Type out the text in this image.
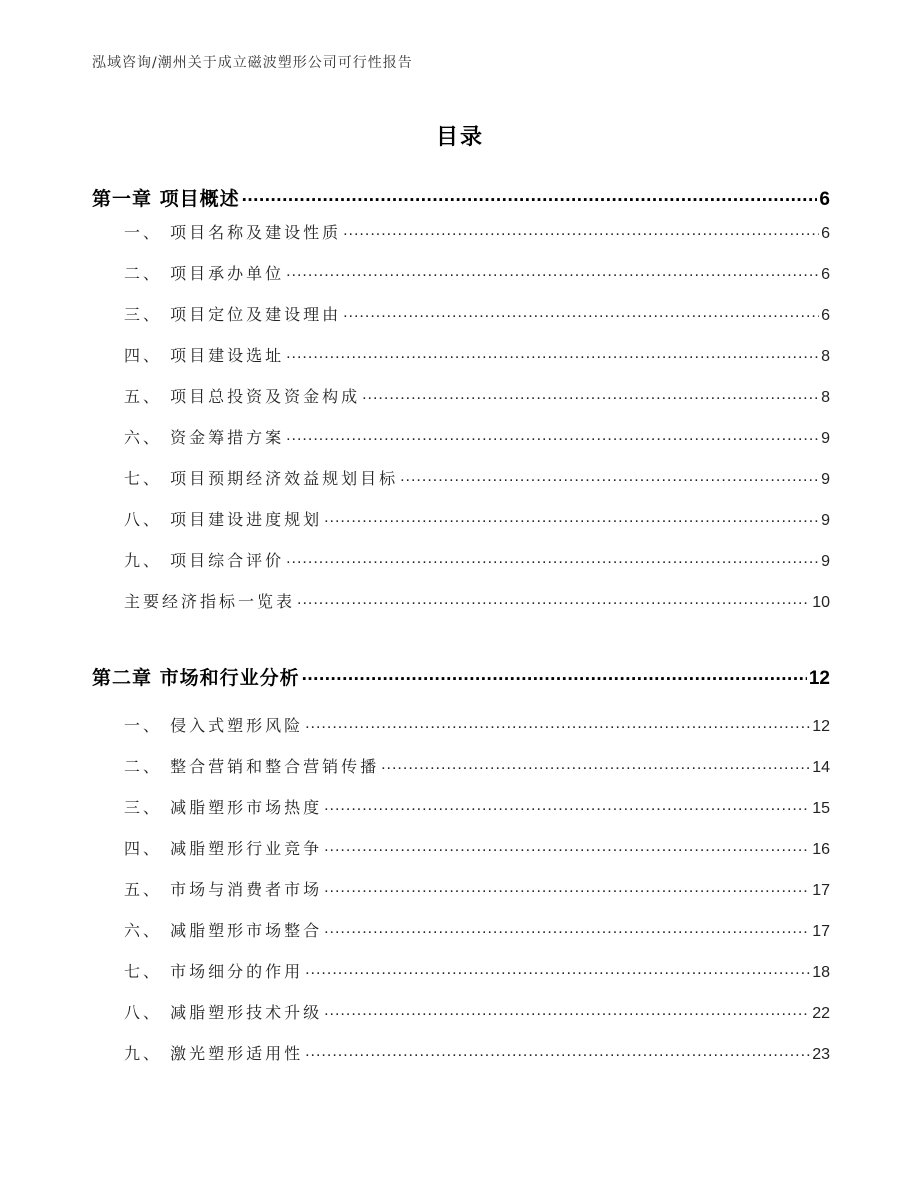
泓域咨询/潮州关于成立磁波塑形公司可行性报告
目录
第一章 项目概述 .....	6
一、 项目名称及建设性质 .....	6
二、 项目承办单位 .....	6
三、 项目定位及建设理由 .....	6
四、 项目建设选址 .....	8
五、 项目总投资及资金构成 .....	8
六、 资金筹措方案 .....	9
七、 项目预期经济效益规划目标 .....	9
八、 项目建设进度规划 .....	9
九、 项目综合评价 .....	9
主要经济指标一览表 .....	10
第二章 市场和行业分析 .....	12
一、 侵入式塑形风险 .....	12
二、 整合营销和整合营销传播 .....	14
三、 减脂塑形市场热度 .....	15
四、 减脂塑形行业竞争 .....	16
五、 市场与消费者市场 .....	17
六、 减脂塑形市场整合 .....	17
七、 市场细分的作用 .....	18
八、 减脂塑形技术升级 .....	22
九、 激光塑形适用性 .....	23
